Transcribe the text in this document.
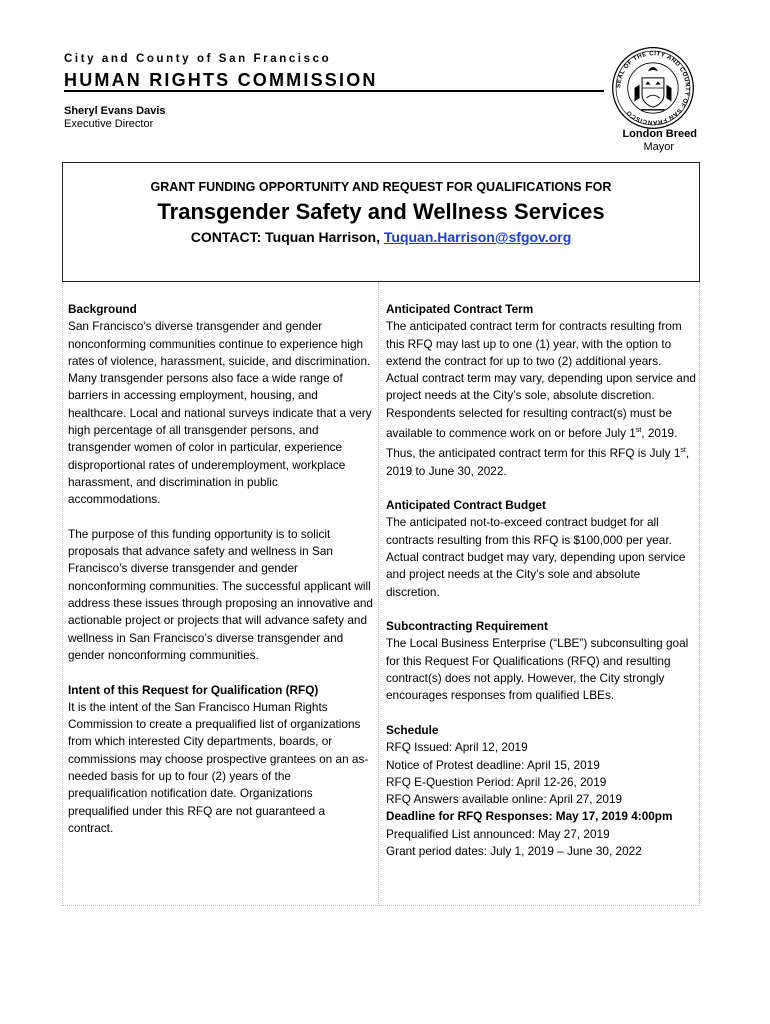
City and County of San Francisco
HUMAN RIGHTS COMMISSION
Sheryl Evans Davis
Executive Director
London Breed
Mayor
SEAL OF THE CITY AND COUNTY OF SAN FRANCISCO
GRANT FUNDING OPPORTUNITY AND REQUEST FOR QUALIFICATIONS FOR
Transgender Safety and Wellness Services
CONTACT: Tuquan Harrison, Tuquan.Harrison@sfgov.org

Background

San Francisco’s diverse transgender and gender nonconforming communities continue to experience high rates of violence, harassment, suicide, and discrimination. Many transgender persons also face a wide range of barriers in accessing employment, housing, and healthcare. Local and national surveys indicate that a very high percentage of all transgender persons, and transgender women of color in particular, experience disproportional rates of underemployment, workplace harassment, and discrimination in public accommodations.

The purpose of this funding opportunity is to solicit proposals that advance safety and wellness in San Francisco’s diverse transgender and gender nonconforming communities. The successful applicant will address these issues through proposing an innovative and actionable project or projects that will advance safety and wellness in San Francisco’s diverse transgender and gender nonconforming communities.

Intent of this Request for Qualification (RFQ)

It is the intent of the San Francisco Human Rights Commission to create a prequalified list of organizations from which interested City departments, boards, or commissions may choose prospective grantees on an as-needed basis for up to four (2) years of the prequalification notification date. Organizations prequalified under this RFQ are not guaranteed a contract.

Anticipated Contract Term

The anticipated contract term for contracts resulting from this RFQ may last up to one (1) year, with the option to extend the contract for up to two (2) additional years. Actual contract term may vary, depending upon service and project needs at the City’s sole, absolute discretion. Respondents selected for resulting contract(s) must be available to commence work on or before July 1st, 2019. Thus, the anticipated contract term for this RFQ is July 1st, 2019 to June 30, 2022.

Anticipated Contract Budget

The anticipated not-to-exceed contract budget for all contracts resulting from this RFQ is $100,000 per year. Actual contract budget may vary, depending upon service and project needs at the City’s sole and absolute discretion.

Subcontracting Requirement

The Local Business Enterprise (“LBE”) subconsulting goal for this Request For Qualifications (RFQ) and resulting contract(s) does not apply. However, the City strongly encourages responses from qualified LBEs.

Schedule

RFQ Issued: April 12, 2019

Notice of Protest deadline: April 15, 2019

RFQ E-Question Period: April 12-26, 2019

RFQ Answers available online: April 27, 2019

Deadline for RFQ Responses: May 17, 2019 4:00pm

Prequalified List announced: May 27, 2019

Grant period dates: July 1, 2019 – June 30, 2022
